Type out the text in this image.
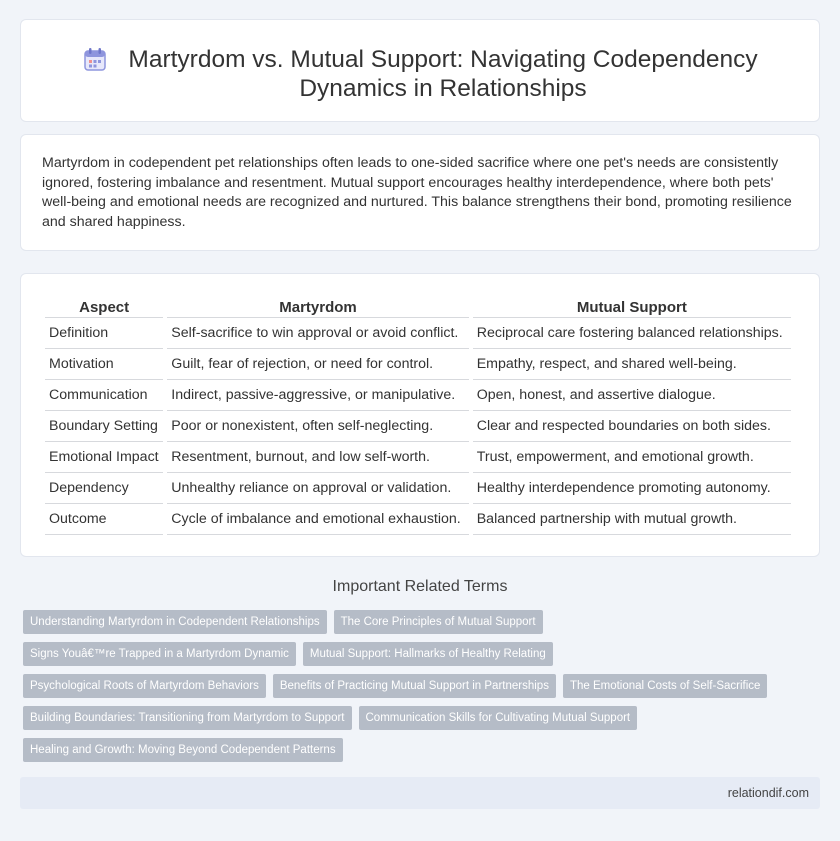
Martyrdom vs. Mutual Support: Navigating Codependency Dynamics in Relationships

Martyrdom in codependent pet relationships often leads to one-sided sacrifice where one pet's needs are consistently ignored, fostering imbalance and resentment. Mutual support encourages healthy interdependence, where both pets' well-being and emotional needs are recognized and nurtured. This balance strengthens their bond, promoting resilience and shared happiness.

Aspect	Martyrdom	Mutual Support
Definition	Self-sacrifice to win approval or avoid conflict.	Reciprocal care fostering balanced relationships.
Motivation	Guilt, fear of rejection, or need for control.	Empathy, respect, and shared well-being.
Communication	Indirect, passive-aggressive, or manipulative.	Open, honest, and assertive dialogue.
Boundary Setting	Poor or nonexistent, often self-neglecting.	Clear and respected boundaries on both sides.
Emotional Impact	Resentment, burnout, and low self-worth.	Trust, empowerment, and emotional growth.
Dependency	Unhealthy reliance on approval or validation.	Healthy interdependence promoting autonomy.
Outcome	Cycle of imbalance and emotional exhaustion.	Balanced partnership with mutual growth.
Important Related Terms
Understanding Martyrdom in Codependent Relationships	The Core Principles of Mutual Support
Signs Youâ€™re Trapped in a Martyrdom Dynamic	Mutual Support: Hallmarks of Healthy Relating
Psychological Roots of Martyrdom Behaviors	Benefits of Practicing Mutual Support in Partnerships	The Emotional Costs of Self-Sacrifice
Building Boundaries: Transitioning from Martyrdom to Support	Communication Skills for Cultivating Mutual Support
Healing and Growth: Moving Beyond Codependent Patterns
relationdif.com
